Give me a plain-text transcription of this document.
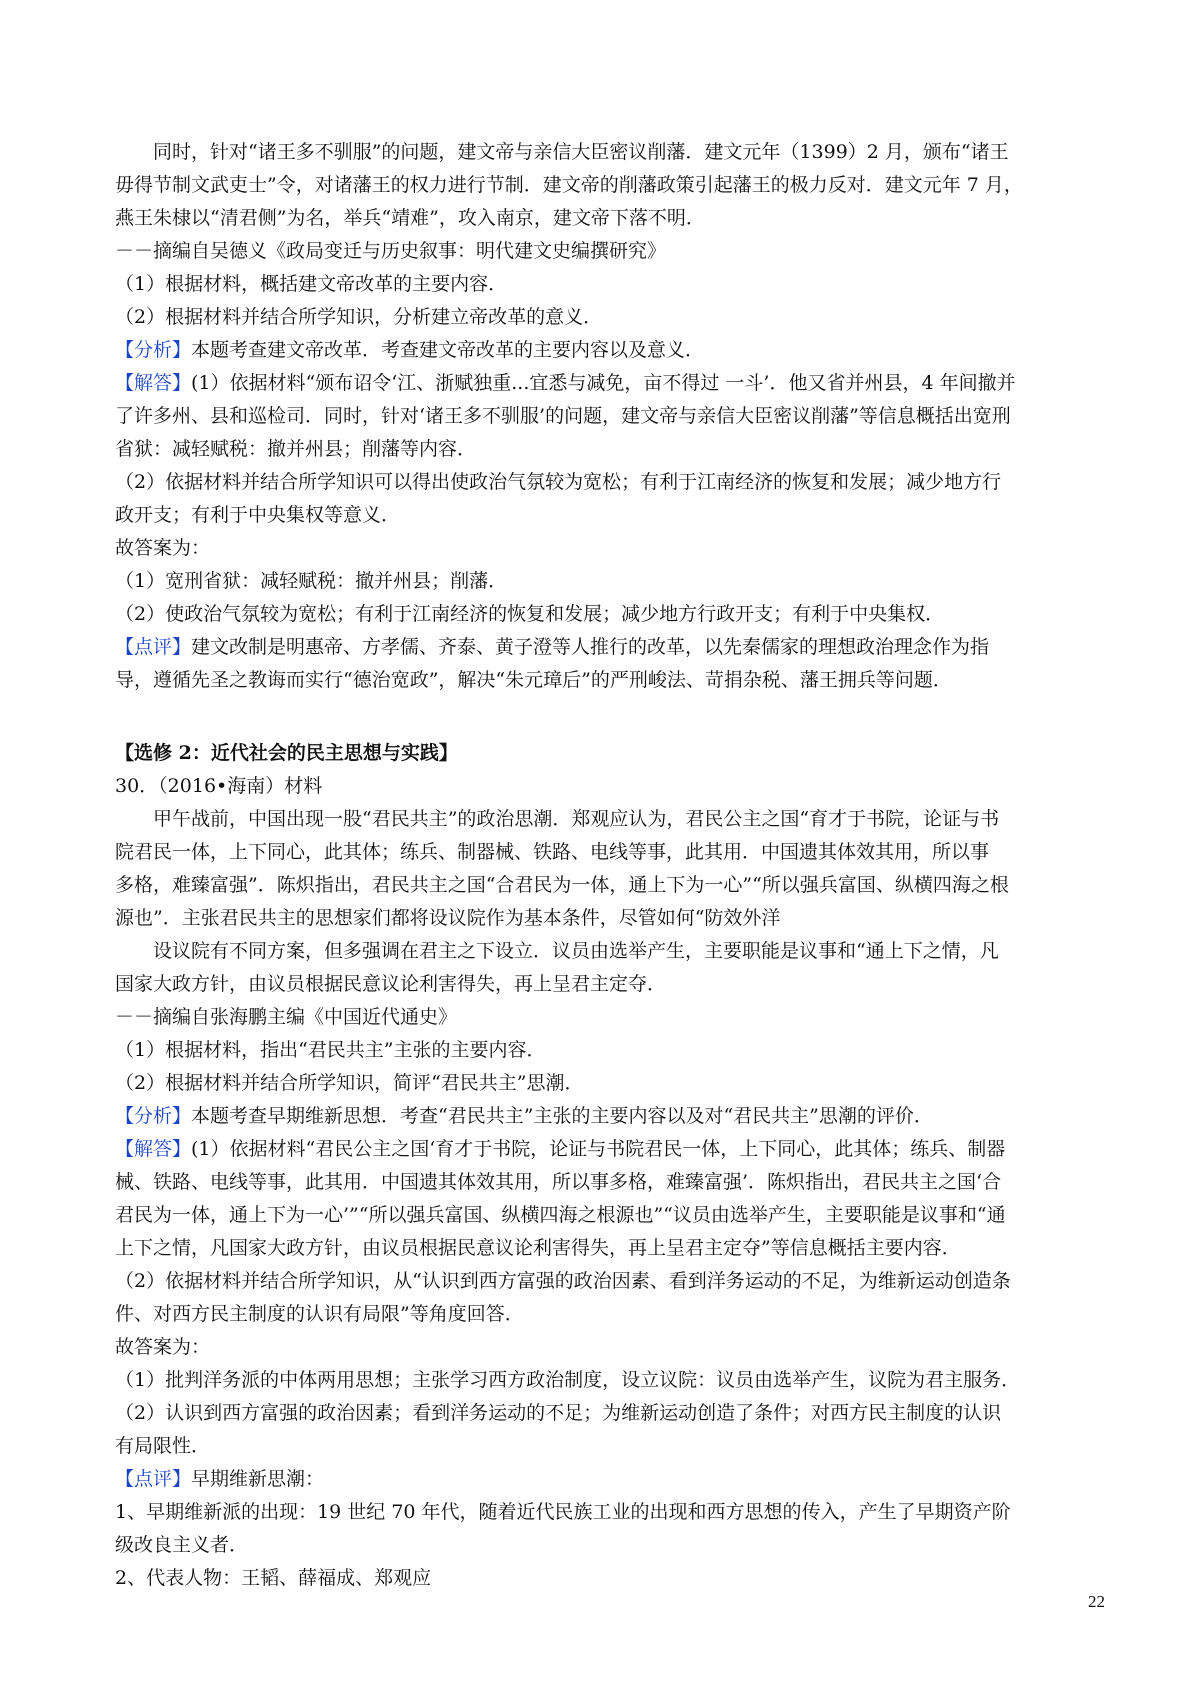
同时，针对“诸王多不驯服”的问题，建文帝与亲信大臣密议削藩．建文元年（1399）2 月，颁布“诸王
毋得节制文武吏士”令，对诸藩王的权力进行节制．建文帝的削藩政策引起藩王的极力反对．建文元年 7 月，
燕王朱棣以“清君侧”为名，举兵“靖难”，攻入南京，建文帝下落不明．
－－摘编自吴德义《政局变迁与历史叙事：明代建文史编撰研究》
（1）根据材料，概括建文帝改革的主要内容．
（2）根据材料并结合所学知识，分析建立帝改革的意义．
【分析】本题考查建文帝改革．考查建文帝改革的主要内容以及意义．
【解答】(1）依据材料“颁布诏令‘江、浙赋独重...宜悉与减免，亩不得过 一斗’．他又省并州县，4 年间撤并
了许多州、县和巡检司．同时，针对‘诸王多不驯服’的问题，建文帝与亲信大臣密议削藩”等信息概括出宽刑
省狱：减轻赋税：撤并州县；削藩等内容．
（2）依据材料并结合所学知识可以得出使政治气氛较为宽松；有利于江南经济的恢复和发展；减少地方行
政开支；有利于中央集权等意义．
故答案为：
（1）宽刑省狱：减轻赋税：撤并州县；削藩．
（2）使政治气氛较为宽松；有利于江南经济的恢复和发展；减少地方行政开支；有利于中央集权．
【点评】建文改制是明惠帝、方孝儒、齐泰、黄子澄等人推行的改革，以先秦儒家的理想政治理念作为指
导，遵循先圣之教诲而实行“德治宽政”，解决“朱元璋后”的严刑峻法、苛捐杂税、藩王拥兵等问题．
【选修 2：近代社会的民主思想与实践】
30．（2016•海南）材料
甲午战前，中国出现一股“君民共主”的政治思潮．郑观应认为，君民公主之国“育才于书院，论证与书
院君民一体，上下同心，此其体；练兵、制器械、铁路、电线等事，此其用．中国遗其体效其用，所以事
多格，难臻富强”．陈炽指出，君民共主之国“合君民为一体，通上下为一心”“所以强兵富国、纵横四海之根
源也”．主张君民共主的思想家们都将设议院作为基本条件，尽管如何“防效外洋
设议院有不同方案，但多强调在君主之下设立．议员由选举产生，主要职能是议事和“通上下之情，凡
国家大政方针，由议员根据民意议论利害得失，再上呈君主定夺．
－－摘编自张海鹏主编《中国近代通史》
（1）根据材料，指出“君民共主”主张的主要内容．
（2）根据材料并结合所学知识，简评“君民共主”思潮．
【分析】本题考查早期维新思想．考查“君民共主”主张的主要内容以及对“君民共主”思潮的评价．
【解答】(1）依据材料“君民公主之国‘育才于书院，论证与书院君民一体，上下同心，此其体；练兵、制器
械、铁路、电线等事，此其用．中国遗其体效其用，所以事多格，难臻富强’．陈炽指出，君民共主之国‘合
君民为一体，通上下为一心’”“所以强兵富国、纵横四海之根源也”“议员由选举产生，主要职能是议事和“通
上下之情，凡国家大政方针，由议员根据民意议论利害得失，再上呈君主定夺”等信息概括主要内容．
（2）依据材料并结合所学知识，从“认识到西方富强的政治因素、看到洋务运动的不足，为维新运动创造条
件、对西方民主制度的认识有局限”等角度回答．
故答案为：
（1）批判洋务派的中体两用思想；主张学习西方政治制度，设立议院：议员由选举产生，议院为君主服务．
（2）认识到西方富强的政治因素；看到洋务运动的不足；为维新运动创造了条件；对西方民主制度的认识
有局限性．
【点评】早期维新思潮：
1、早期维新派的出现：19 世纪 70 年代，随着近代民族工业的出现和西方思想的传入，产生了早期资产阶
级改良主义者．
2、代表人物：王韬、薛福成、郑观应
22
